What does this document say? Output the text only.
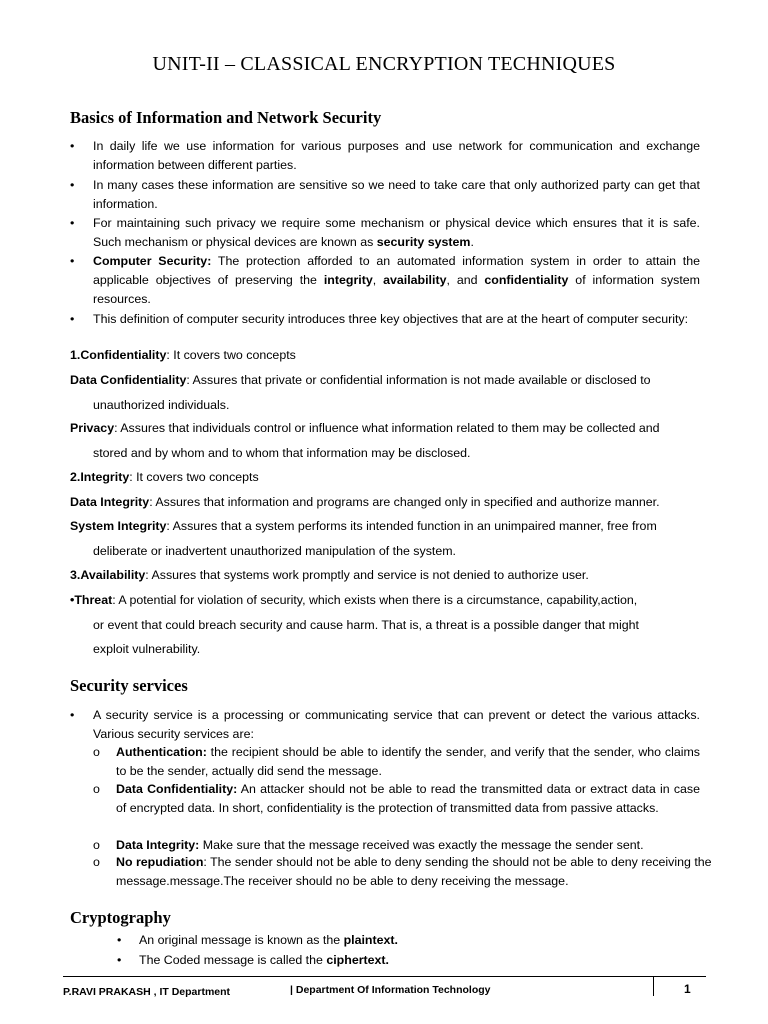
UNIT-II – CLASSICAL ENCRYPTION TECHNIQUES
Basics of Information and Network Security
• In daily life we use information for various purposes and use network for communication and exchange information between different parties.
• In many cases these information are sensitive so we need to take care that only authorized party can get that information.
• For maintaining such privacy we require some mechanism or physical device which ensures that it is safe. Such mechanism or physical devices are known as security system.
• Computer Security: The protection afforded to an automated information system in order to attain the applicable objectives of preserving the integrity, availability, and confidentiality of information system resources.
• This definition of computer security introduces three key objectives that are at the heart of computer security:
1.Confidentiality: It covers two concepts
Data Confidentiality: Assures that private or confidential information is not made available or disclosed to
unauthorized individuals.
Privacy: Assures that individuals control or influence what information related to them may be collected and
stored and by whom and to whom that information may be disclosed.
2.Integrity: It covers two concepts
Data Integrity: Assures that information and programs are changed only in specified and authorize manner.
System Integrity: Assures that a system performs its intended function in an unimpaired manner, free from
deliberate or inadvertent unauthorized manipulation of the system.
3.Availability: Assures that systems work promptly and service is not denied to authorize user.
•Threat: A potential for violation of security, which exists when there is a circumstance, capability,action,
or event that could breach security and cause harm. That is, a threat is a possible danger that might
exploit vulnerability.
Security services
• A security service is a processing or communicating service that can prevent or detect the various attacks. Various security services are:
o Authentication: the recipient should be able to identify the sender, and verify that the sender, who claims to be the sender, actually did send the message.
o Data Confidentiality: An attacker should not be able to read the transmitted data or extract data in case of encrypted data. In short, confidentiality is the protection of transmitted data from passive attacks.
o Data Integrity: Make sure that the message received was exactly the message the sender sent.
o No repudiation: The sender should not be able to deny sending the should not be able to deny receiving the message.message.The receiver should no be able to deny receiving the message.
Cryptography
• An original message is known as the plaintext.
• The Coded message is called the ciphertext.
P.RAVI PRAKASH , IT Department	| Department Of Information Technology	1
